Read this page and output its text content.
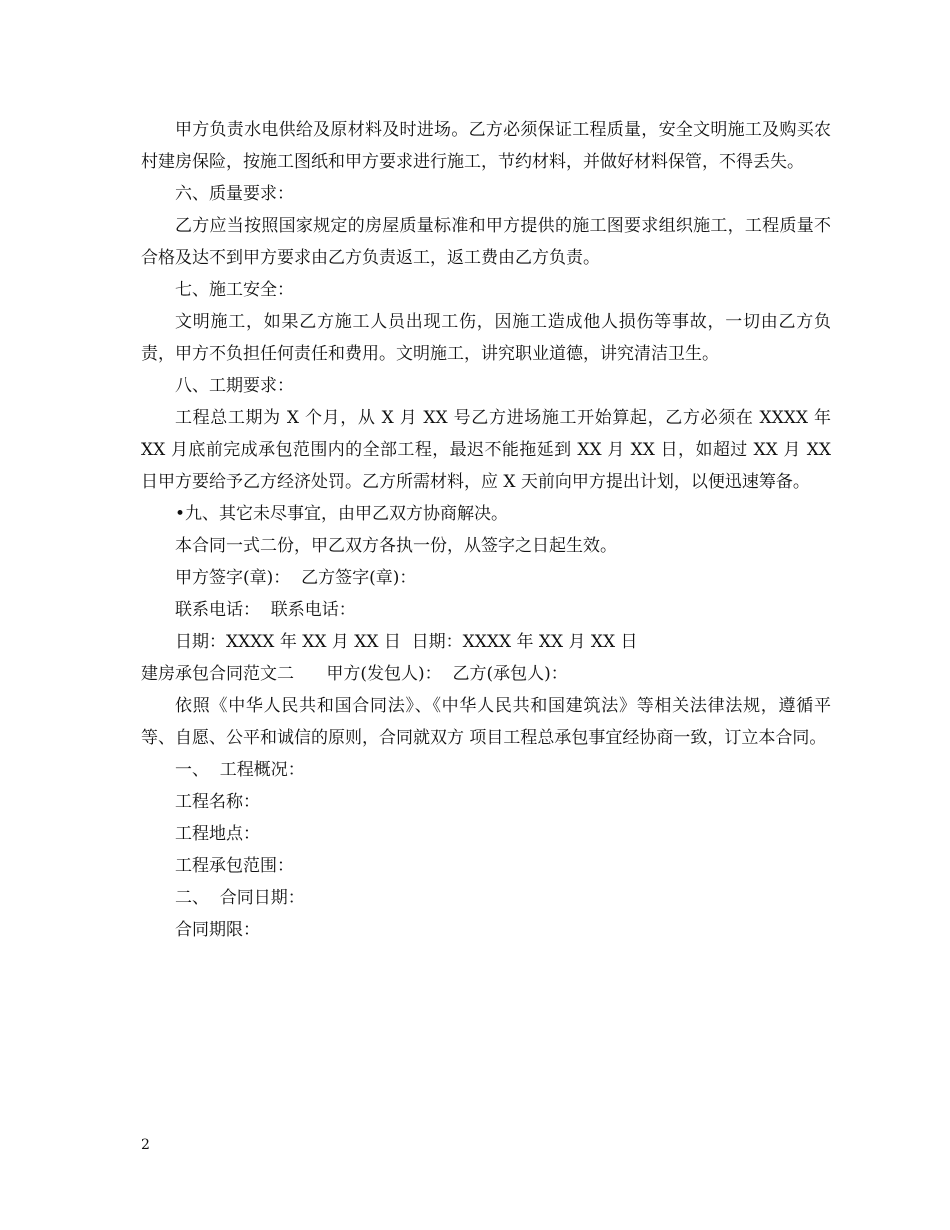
甲方负责水电供给及原材料及时进场。乙方必须保证工程质量，安全文明施工及购买农村建房保险，按施工图纸和甲方要求进行施工，节约材料，并做好材料保管，不得丢失。

六、质量要求：

乙方应当按照国家规定的房屋质量标准和甲方提供的施工图要求组织施工，工程质量不合格及达不到甲方要求由乙方负责返工，返工费由乙方负责。

七、施工安全：

文明施工，如果乙方施工人员出现工伤，因施工造成他人损伤等事故，一切由乙方负责，甲方不负担任何责任和费用。文明施工，讲究职业道德，讲究清洁卫生。

八、工期要求：

工程总工期为 X 个月，从 X 月 XX 号乙方进场施工开始算起，乙方必须在 XXXX 年 XX 月底前完成承包范围内的全部工程，最迟不能拖延到 XX 月 XX 日，如超过 XX 月 XX 日甲方要给予乙方经济处罚。乙方所需材料，应 X 天前向甲方提出计划，以便迅速筹备。

•九、其它未尽事宜，由甲乙双方协商解决。

本合同一式二份，甲乙双方各执一份，从签字之日起生效。

甲方签字(章)：  乙方签字(章)：

联系电话：  联系电话：

日期：XXXX 年 XX 月 XX 日  日期：XXXX 年 XX 月 XX 日

建房承包合同范文二      甲方(发包人)：  乙方(承包人)：

依照《中华人民共和国合同法》、《中华人民共和国建筑法》等相关法律法规，遵循平等、自愿、公平和诚信的原则，合同就双方 项目工程总承包事宜经协商一致，订立本合同。

一、  工程概况：

工程名称：

工程地点：

工程承包范围：

二、  合同日期：

合同期限：

2
